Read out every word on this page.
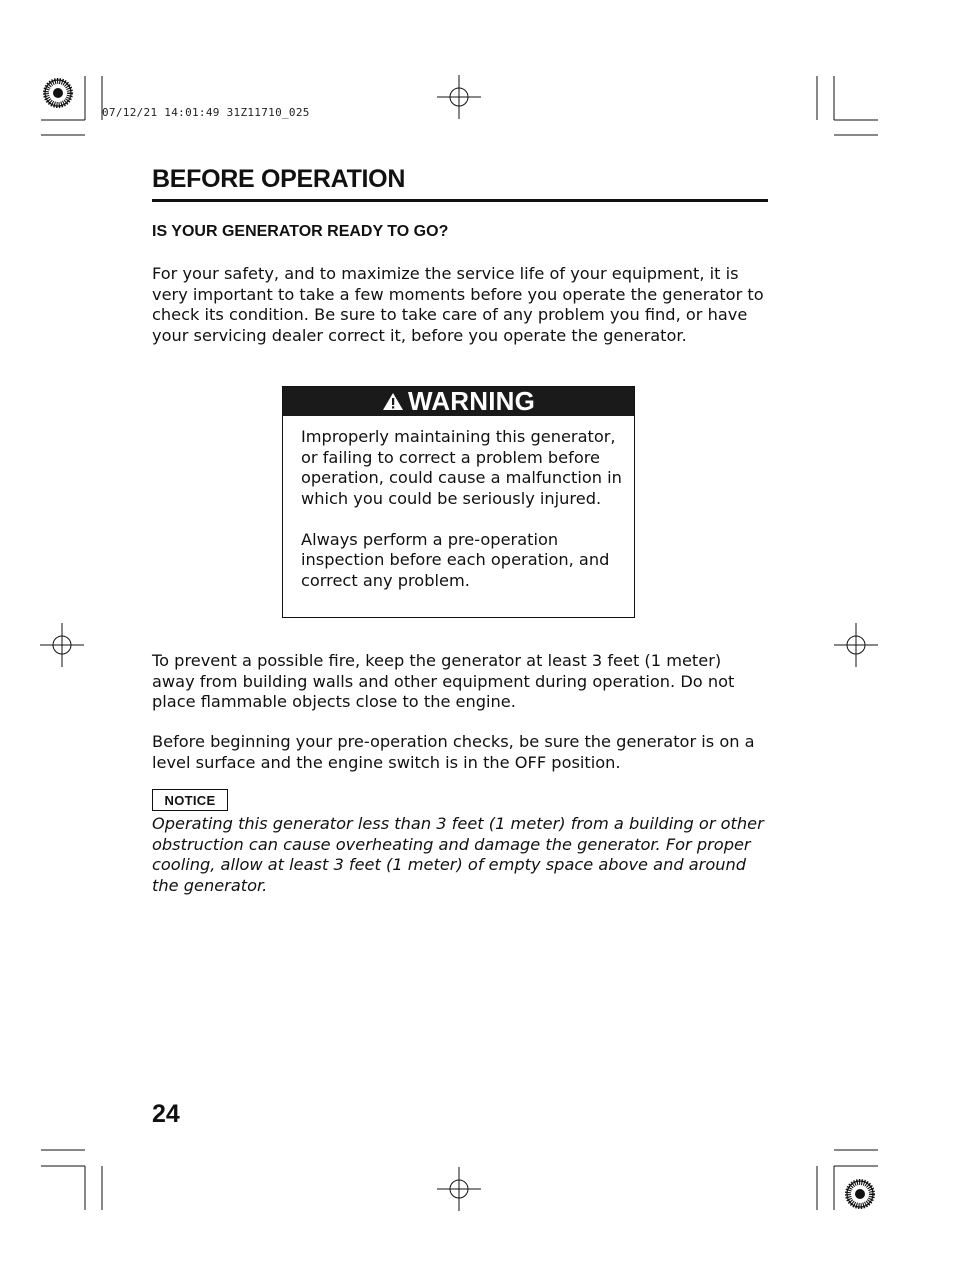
07/12/21 14:01:49 31Z11710_025
BEFORE OPERATION
IS YOUR GENERATOR READY TO GO?
For your safety, and to maximize the service life of your equipment, it is very important to take a few moments before you operate the generator to check its condition. Be sure to take care of any problem you find, or have your servicing dealer correct it, before you operate the generator.
WARNING

Improperly maintaining this generator, or failing to correct a problem before operation, could cause a malfunction in which you could be seriously injured.

Always perform a pre-operation inspection before each operation, and correct any problem.

To prevent a possible fire, keep the generator at least 3 feet (1 meter) away from building walls and other equipment during operation. Do not place flammable objects close to the engine.
Before beginning your pre-operation checks, be sure the generator is on a level surface and the engine switch is in the OFF position.
NOTICE
Operating this generator less than 3 feet (1 meter) from a building or other obstruction can cause overheating and damage the generator. For proper cooling, allow at least 3 feet (1 meter) of empty space above and around the generator.
24
